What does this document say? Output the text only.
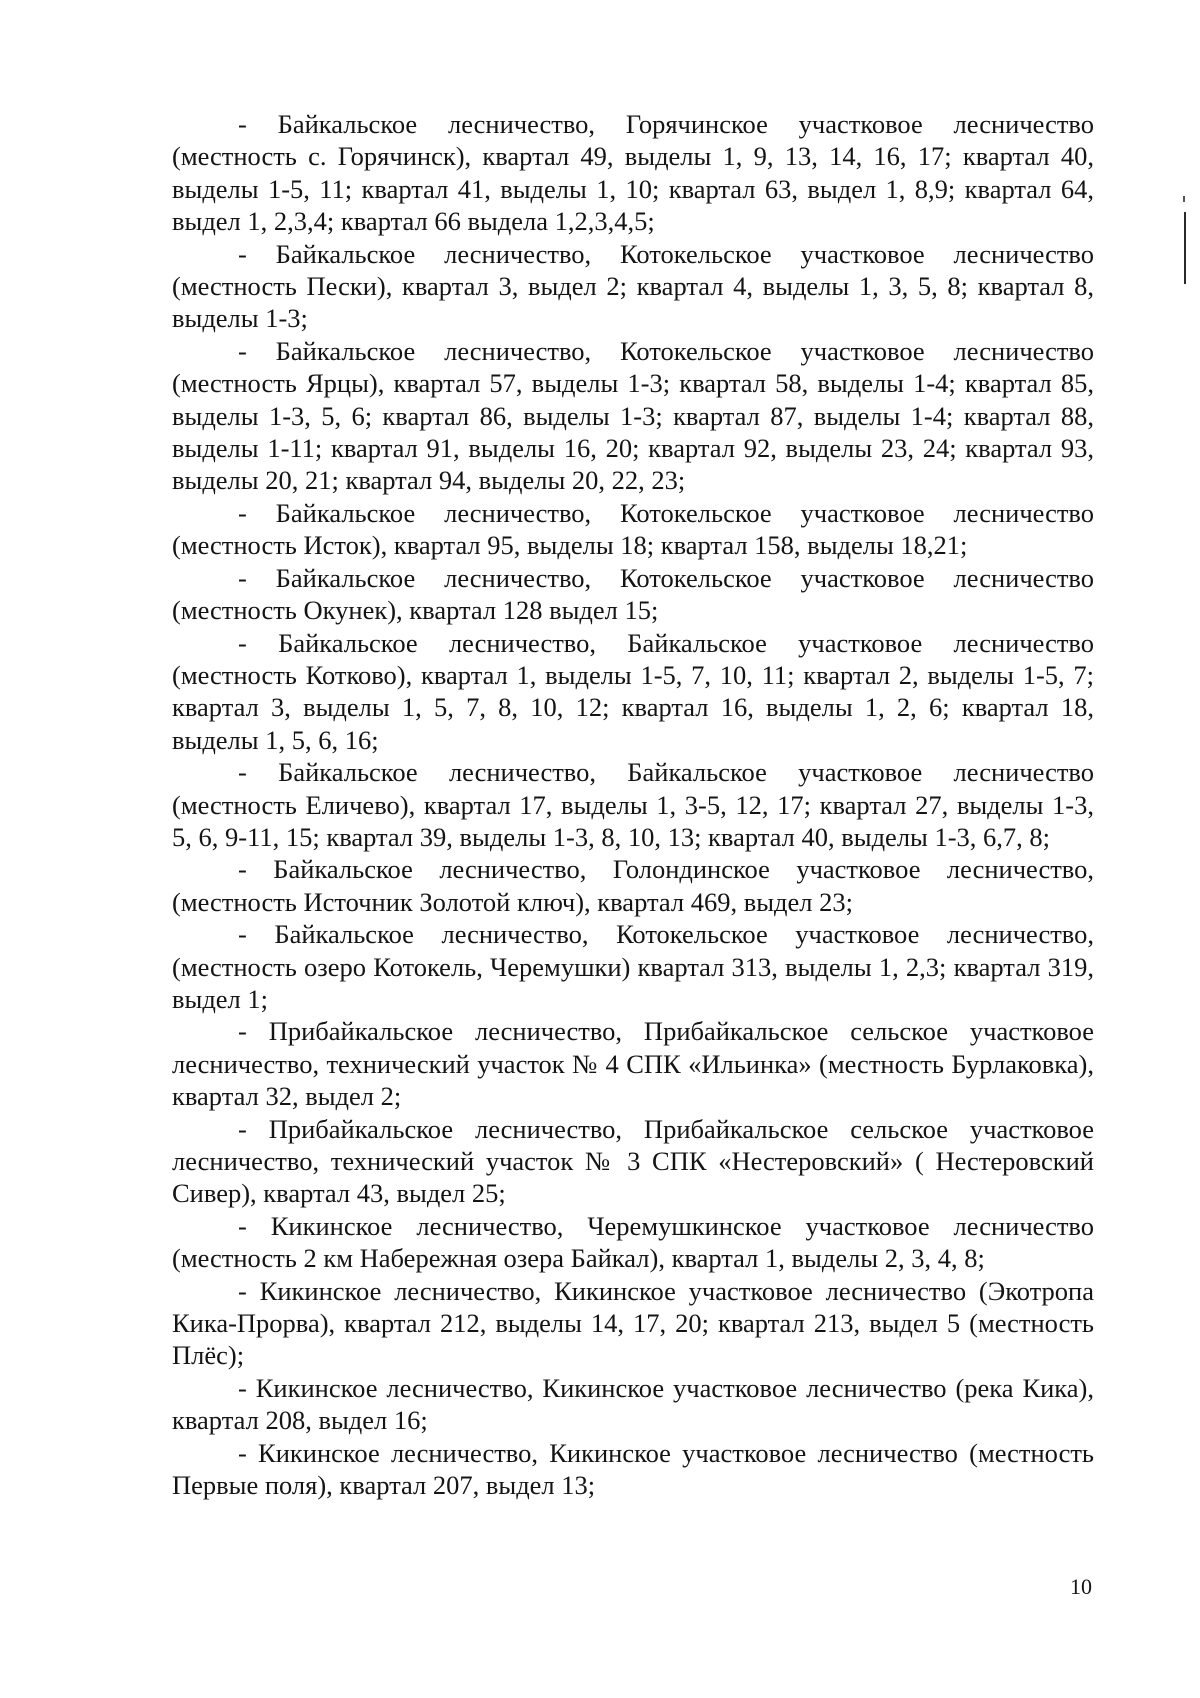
- Байкальское лесничество, Горячинское участковое лесничество (местность с. Горячинск), квартал 49, выделы 1, 9, 13, 14, 16, 17; квартал 40, выделы 1-5, 11; квартал 41, выделы 1, 10; квартал 63, выдел 1, 8,9; квартал 64, выдел 1, 2,3,4; квартал 66 выдела 1,2,3,4,5;

- Байкальское лесничество, Котокельское участковое лесничество (местность Пески), квартал 3, выдел 2; квартал 4, выделы 1, 3, 5, 8; квартал 8, выделы 1-3;

- Байкальское лесничество, Котокельское участковое лесничество (местность Ярцы), квартал 57, выделы 1-3; квартал 58, выделы 1-4; квартал 85, выделы 1-3, 5, 6; квартал 86, выделы 1-3; квартал 87, выделы 1-4; квартал 88, выделы 1-11; квартал 91, выделы 16, 20; квартал 92, выделы 23, 24; квартал 93, выделы 20, 21; квартал 94, выделы 20, 22, 23;

- Байкальское лесничество, Котокельское участковое лесничество (местность Исток), квартал 95, выделы 18; квартал 158, выделы 18,21;

- Байкальское лесничество, Котокельское участковое лесничество (местность Окунек), квартал 128 выдел 15;

- Байкальское лесничество, Байкальское участковое лесничество (местность Котково), квартал 1, выделы 1-5, 7, 10, 11; квартал 2, выделы 1-5, 7; квартал 3, выделы 1, 5, 7, 8, 10, 12; квартал 16, выделы 1, 2, 6; квартал 18, выделы 1, 5, 6, 16;

- Байкальское лесничество, Байкальское участковое лесничество (местность Еличево), квартал 17, выделы 1, 3-5, 12, 17; квартал 27, выделы 1-3, 5, 6, 9-11, 15; квартал 39, выделы 1-3, 8, 10, 13; квартал 40, выделы 1-3, 6,7, 8;

- Байкальское лесничество, Голондинское участковое лесничество, (местность Источник Золотой ключ), квартал 469, выдел 23;

- Байкальское лесничество, Котокельское участковое лесничество, (местность озеро Котокель, Черемушки) квартал 313, выделы 1, 2,3; квартал 319, выдел 1;

- Прибайкальское лесничество, Прибайкальское сельское участковое лесничество, технический участок № 4 СПК «Ильинка» (местность Бурлаковка), квартал 32, выдел 2;

- Прибайкальское лесничество, Прибайкальское сельское участковое лесничество, технический участок № 3 СПК «Нестеровский» ( Нестеровский Сивер), квартал 43, выдел 25;

- Кикинское лесничество, Черемушкинское участковое лесничество (местность 2 км Набережная озера Байкал), квартал 1, выделы 2, 3, 4, 8;

- Кикинское лесничество, Кикинское участковое лесничество (Экотропа Кика-Прорва), квартал 212, выделы 14, 17, 20; квартал 213, выдел 5 (местность Плёс);

- Кикинское лесничество, Кикинское участковое лесничество (река Кика), квартал 208, выдел 16;

- Кикинское лесничество, Кикинское участковое лесничество (местность Первые поля), квартал 207, выдел 13;

10
